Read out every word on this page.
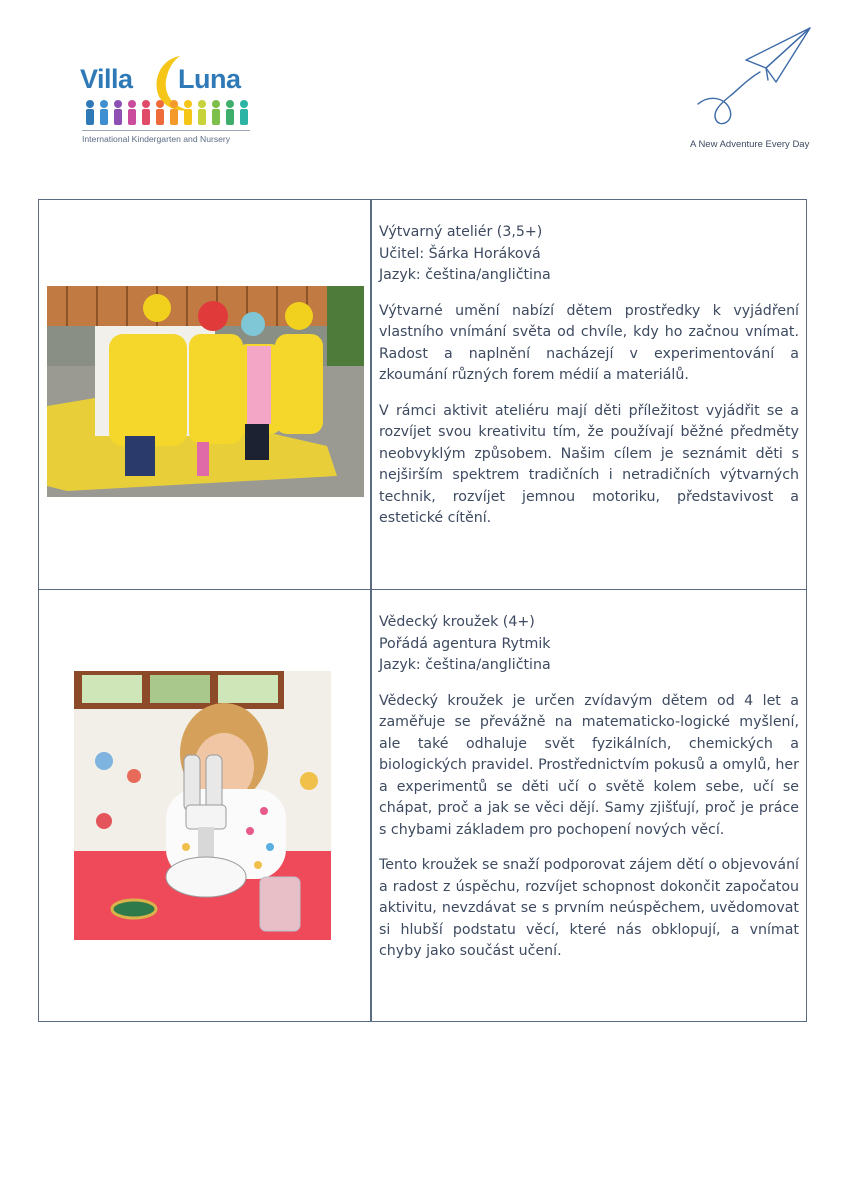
Villa Luna
International Kindergarten and Nursery	A New Adventure Every Day
Výtvarný ateliér (3,5+)
Učitel: Šárka Horáková
Jazyk: čeština/angličtina

Výtvarné umění nabízí dětem prostředky k vyjádření vlastního vnímání světa od chvíle, kdy ho začnou vnímat. Radost a naplnění nacházejí v experimentování a zkoumání různých forem médií a materiálů.

V rámci aktivit ateliéru mají děti příležitost vyjádřit se a rozvíjet svou kreativitu tím, že používají běžné předměty neobvyklým způsobem. Našim cílem je seznámit děti s nejširším spektrem tradičních i netradičních výtvarných technik, rozvíjet jemnou motoriku, představivost a estetické cítění.

Vědecký kroužek (4+)
Pořádá agentura Rytmik
Jazyk: čeština/angličtina

Vědecký kroužek je určen zvídavým dětem od 4 let a zaměřuje se převážně na matematicko-logické myšlení, ale také odhaluje svět fyzikálních, chemických a biologických pravidel. Prostřednictvím pokusů a omylů, her a experimentů se děti učí o světě kolem sebe, učí se chápat, proč a jak se věci dějí. Samy zjišťují, proč je práce s chybami základem pro pochopení nových věcí.

Tento kroužek se snaží podporovat zájem dětí o objevování a radost z úspěchu, rozvíjet schopnost dokončit započatou aktivitu, nevzdávat se s prvním neúspěchem, uvědomovat si hlubší podstatu věcí, které nás obklopují, a vnímat chyby jako součást učení.
